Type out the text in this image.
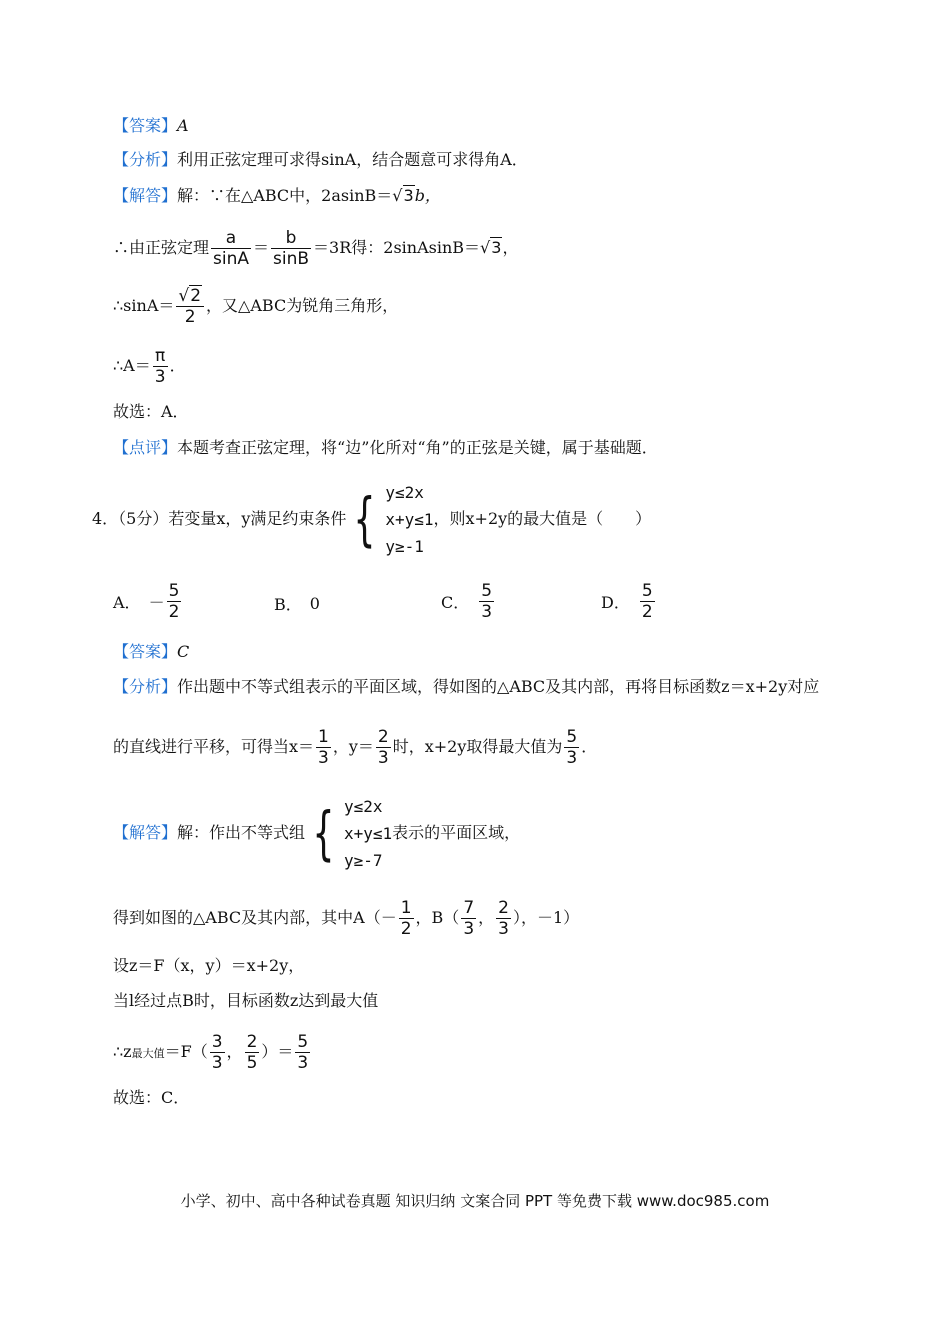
【答案】A
【分析】利用正弦定理可求得sinA，结合题意可求得角A．
【解答】解：∵在△ABC中，2asinB＝√3b，
∴由正弦定理 $\frac{a}{\sin A} = \frac{b}{\sin B} =3R$得：2sinAsinB＝√3，
∴sinA＝ $\frac{√2}{2}$ ，又△ABC为锐角三角形，
∴A＝ $\frac{\pi}{3}$ ．
故选：A．
【点评】本题考查正弦定理，将“边”化所对“角”的正弦是关键，属于基础题．
4．（5分）若变量x，y满足约束条件 { y≤2x
x+y≤1
y≥-1
，则x+2y的最大值是（　　）
A． － $\frac{5}{2}$	B． 0	C． $\frac{5}{3}$	D． $\frac{5}{2}$
【答案】C
【分析】作出题中不等式组表示的平面区域，得如图的△ABC及其内部，再将目标函数z＝x+2y对应
的直线进行平移，可得当$x= \frac{1}{3}$ ，$y= \frac{2}{3}$ 时，x+2y取得最大值为 $\frac{5}{3}$ ．
【解答】 解：作出不等式组 { y≤2x
x+y≤1
y≥-7
表示的平面区域，
得到如图的△ABC及其内部，其中$A(- \frac{1}{2}$ ，$B( \frac{7}{3}$ ， $\frac{2}{3}$ ），－1）
设z＝F（x，y）＝x+2y，
当l经过点B时，目标函数z达到最大值
∴z最大值$=F( \frac{3}{3}$ ， $\frac{2}{5}$ ）＝ $\frac{5}{3}$
故选：C．
小学、初中、高中各种试卷真题 知识归纳 文案合同 PPT 等免费下载 www.doc985.com
